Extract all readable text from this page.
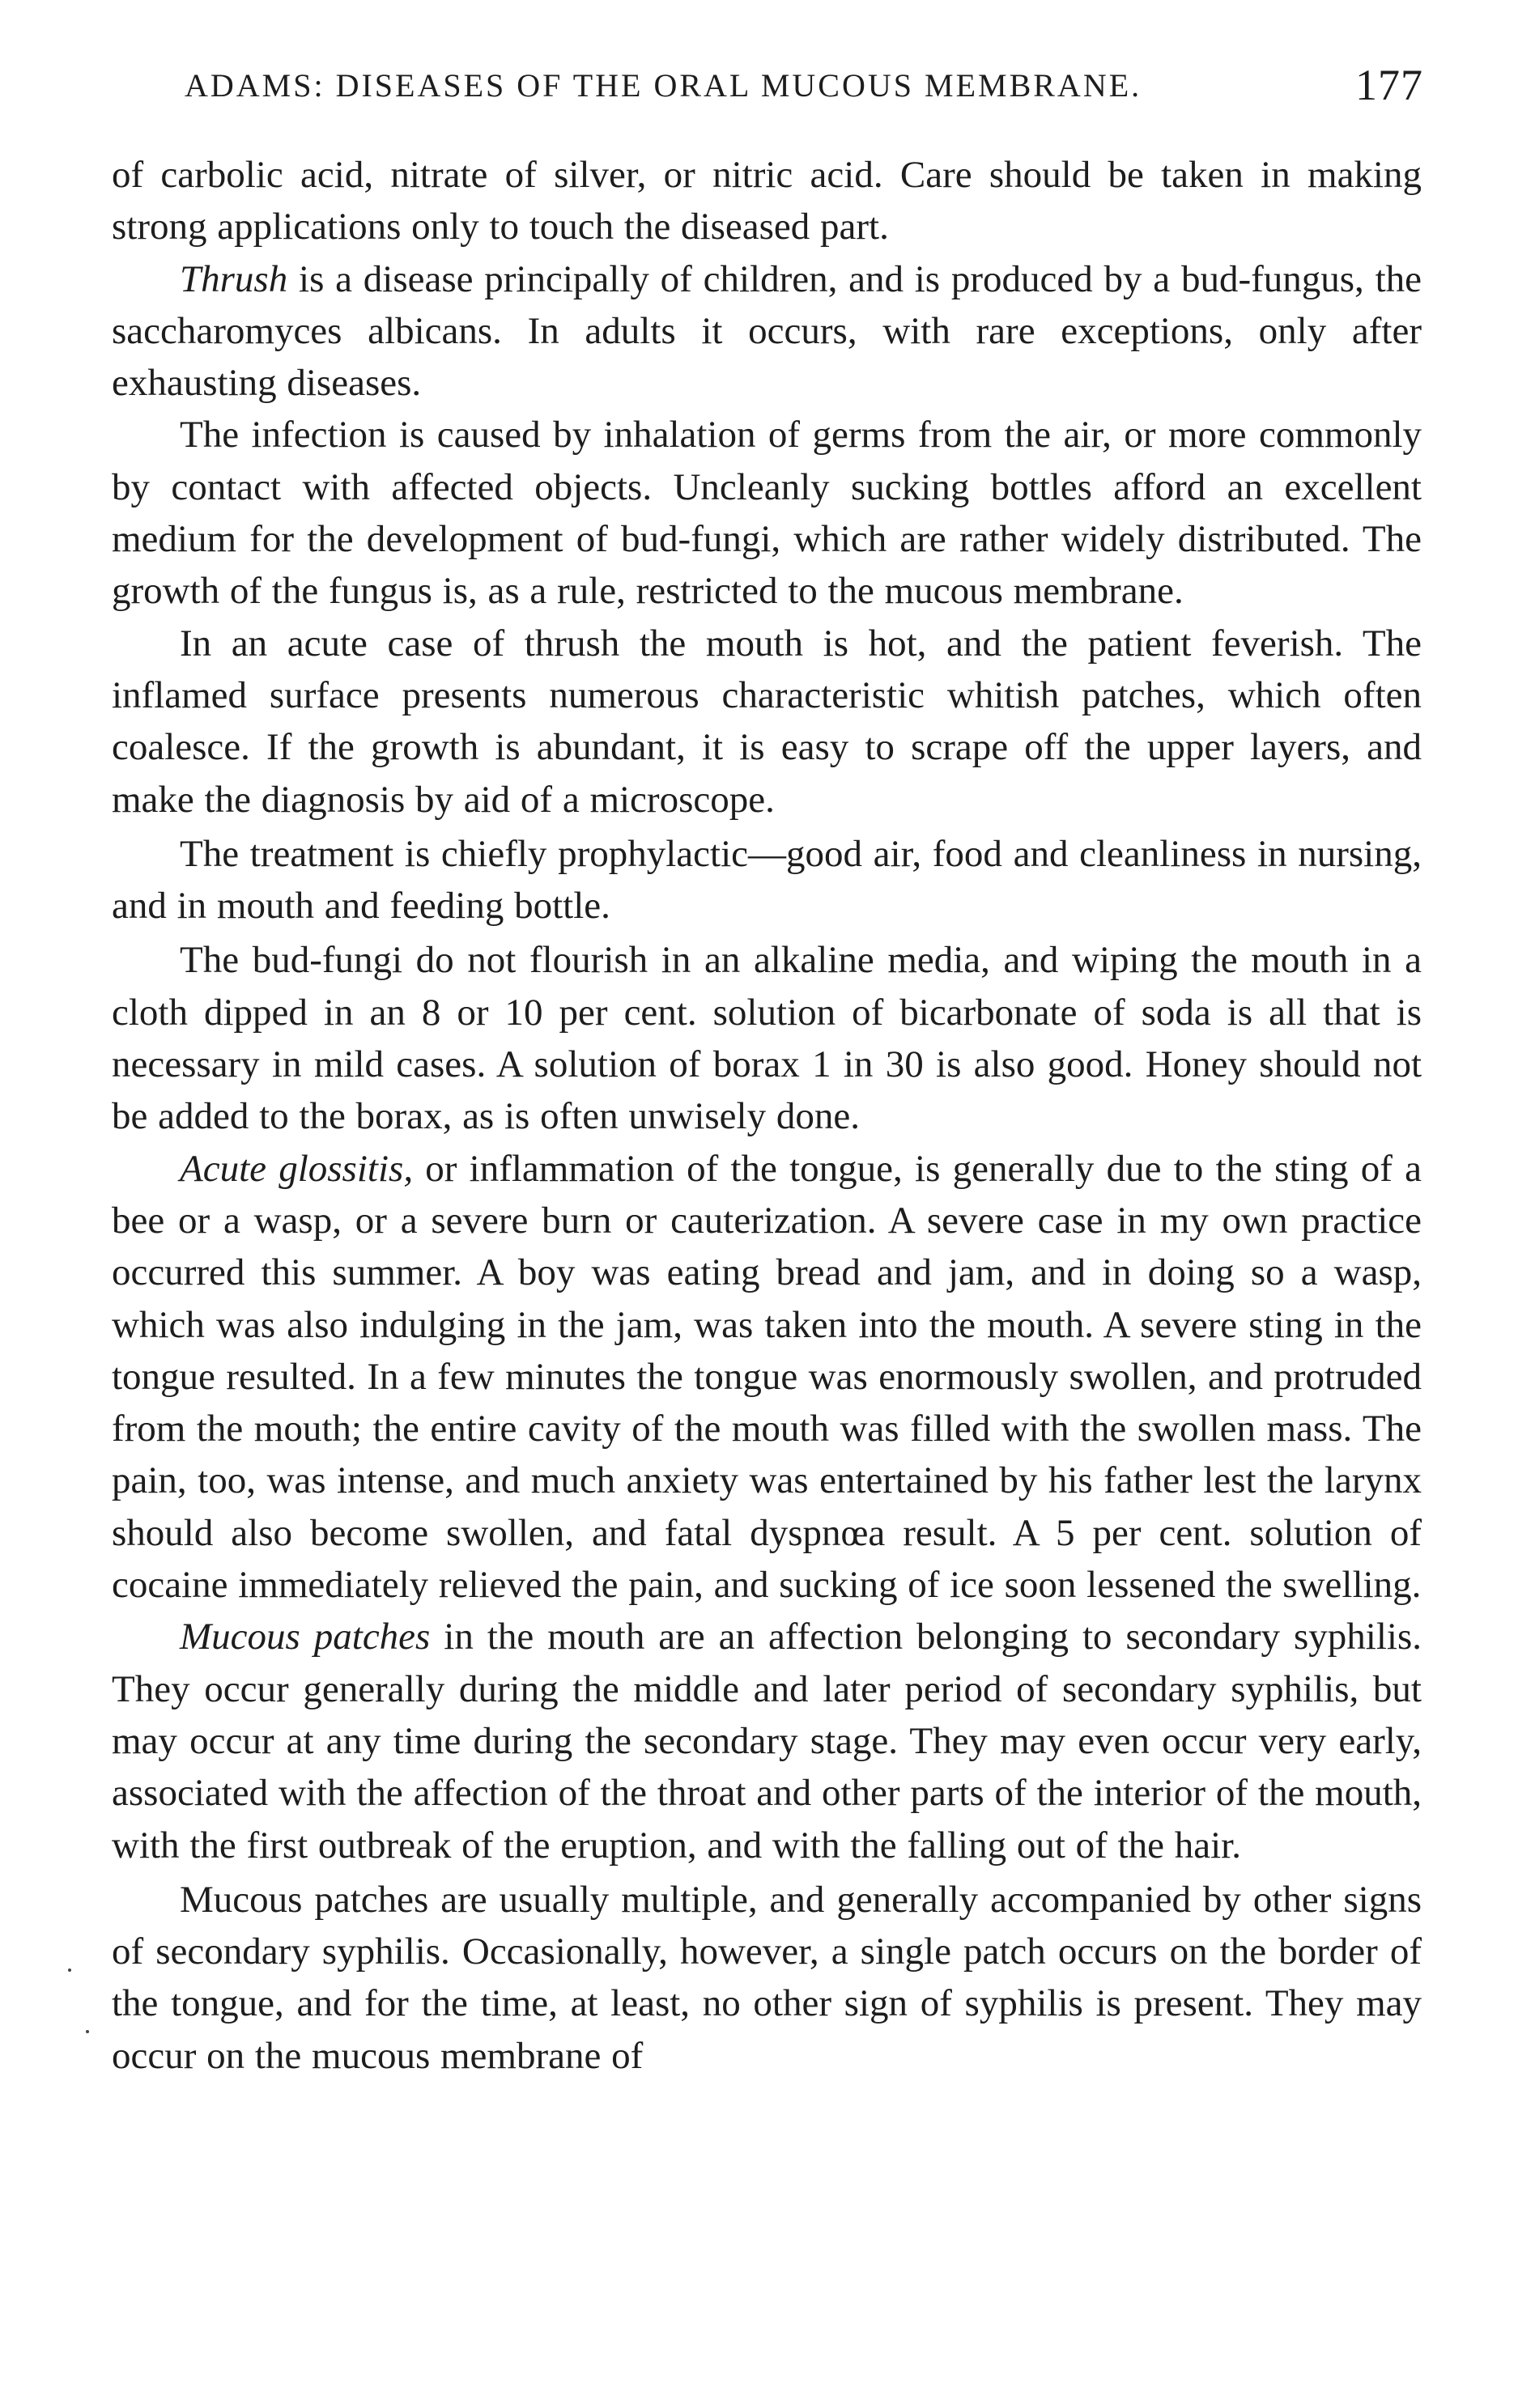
ADAMS: DISEASES OF THE ORAL MUCOUS MEMBRANE.	177

of carbolic acid, nitrate of silver, or nitric acid. Care should be taken in making strong applications only to touch the diseased part.

Thrush is a disease principally of children, and is produced by a bud-fungus, the saccharomyces albicans. In adults it occurs, with rare exceptions, only after exhausting diseases.

The infection is caused by inhalation of germs from the air, or more commonly by contact with affected objects. Uncleanly sucking bottles afford an excellent medium for the development of bud-fungi, which are rather widely distributed. The growth of the fungus is, as a rule, restricted to the mucous membrane.

In an acute case of thrush the mouth is hot, and the patient feverish. The inflamed surface presents numerous characteristic whitish patches, which often coalesce. If the growth is abundant, it is easy to scrape off the upper layers, and make the diagnosis by aid of a microscope.

The treatment is chiefly prophylactic—good air, food and cleanliness in nursing, and in mouth and feeding bottle.

The bud-fungi do not flourish in an alkaline media, and wiping the mouth in a cloth dipped in an 8 or 10 per cent. solution of bicarbonate of soda is all that is necessary in mild cases. A solution of borax 1 in 30 is also good. Honey should not be added to the borax, as is often unwisely done.

Acute glossitis, or inflammation of the tongue, is generally due to the sting of a bee or a wasp, or a severe burn or cauterization. A severe case in my own practice occurred this summer. A boy was eating bread and jam, and in doing so a wasp, which was also indulging in the jam, was taken into the mouth. A severe sting in the tongue resulted. In a few minutes the tongue was enormously swollen, and protruded from the mouth; the entire cavity of the mouth was filled with the swollen mass. The pain, too, was intense, and much anxiety was entertained by his father lest the larynx should also become swollen, and fatal dyspnœa result. A 5 per cent. solution of cocaine immediately relieved the pain, and sucking of ice soon lessened the swelling.

Mucous patches in the mouth are an affection belonging to secondary syphilis. They occur generally during the middle and later period of secondary syphilis, but may occur at any time during the secondary stage. They may even occur very early, associated with the affection of the throat and other parts of the interior of the mouth, with the first outbreak of the eruption, and with the falling out of the hair.

Mucous patches are usually multiple, and generally accompanied by other signs of secondary syphilis. Occasionally, however, a single patch occurs on the border of the tongue, and for the time, at least, no other sign of syphilis is present. They may occur on the mucous membrane of
